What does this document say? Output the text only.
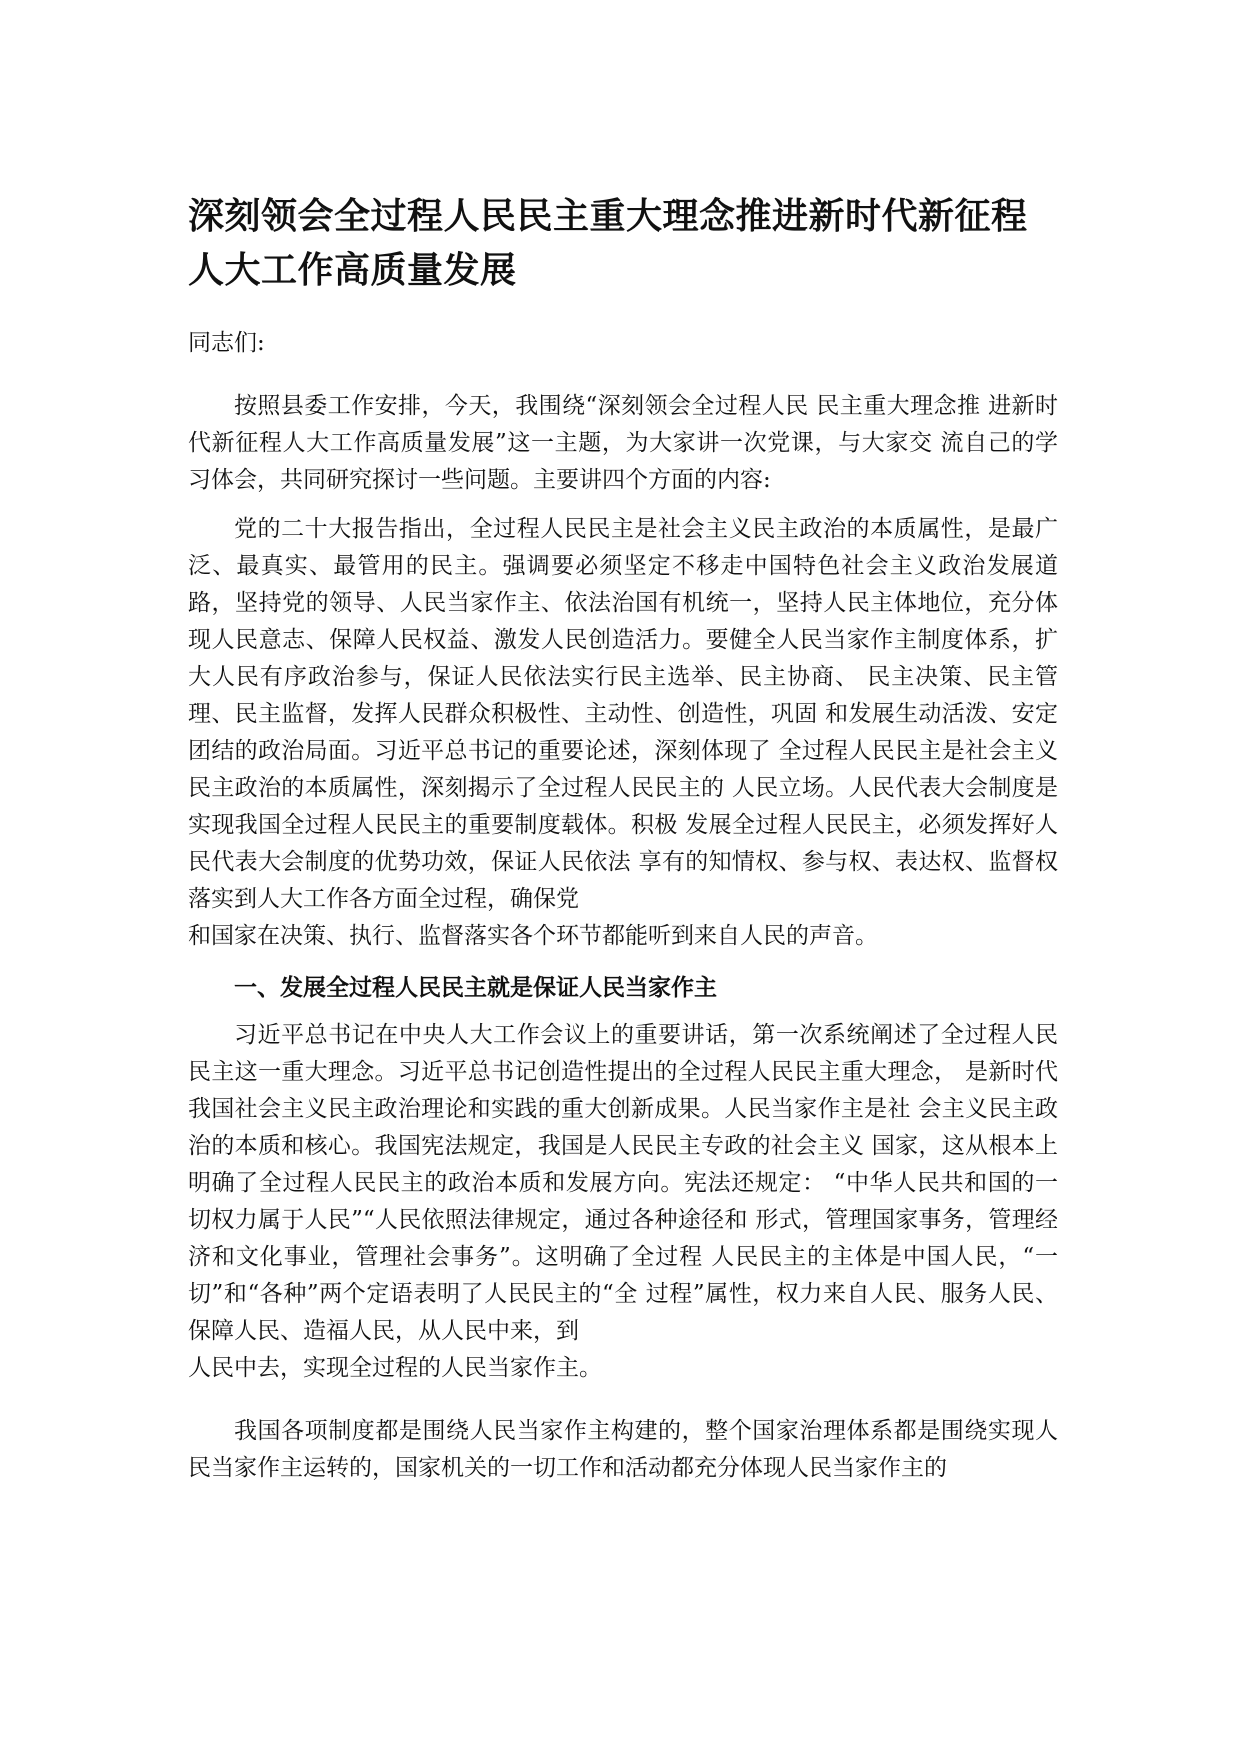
深刻领会全过程人民民主重大理念推进新时代新征程人大工作高质量发展

同志们:

按照县委工作安排，今天，我围绕“深刻领会全过程人民 民主重大理念推 进新时代新征程人大工作高质量发展”这一主题，为大家讲一次党课，与大家交 流自己的学习体会，共同研究探讨一些问题。主要讲四个方面的内容:

党的二十大报告指出，全过程人民民主是社会主义民主政治的本质属性，是最广泛、最真实、最管用的民主。强调要必须坚定不移走中国特色社会主义政治发展道路，坚持党的领导、人民当家作主、依法治国有机统一，坚持人民主体地位，充分体现人民意志、保障人民权益、激发人民创造活力。要健全人民当家作主制度体系，扩大人民有序政治参与，保证人民依法实行民主选举、民主协商、 民主决策、民主管理、民主监督，发挥人民群众积极性、主动性、创造性，巩固 和发展生动活泼、安定团结的政治局面。习近平总书记的重要论述，深刻体现了 全过程人民民主是社会主义民主政治的本质属性，深刻揭示了全过程人民民主的 人民立场。人民代表大会制度是实现我国全过程人民民主的重要制度载体。积极 发展全过程人民民主，必须发挥好人民代表大会制度的优势功效，保证人民依法 享有的知情权、参与权、表达权、监督权落实到人大工作各方面全过程，确保党

和国家在决策、执行、监督落实各个环节都能听到来自人民的声音。

一、发展全过程人民民主就是保证人民当家作主

习近平总书记在中央人大工作会议上的重要讲话，第一次系统阐述了全过程人民民主这一重大理念。习近平总书记创造性提出的全过程人民民主重大理念， 是新时代我国社会主义民主政治理论和实践的重大创新成果。人民当家作主是社 会主义民主政治的本质和核心。我国宪法规定，我国是人民民主专政的社会主义 国家，这从根本上明确了全过程人民民主的政治本质和发展方向。宪法还规定： “中华人民共和国的一切权力属于人民”“人民依照法律规定，通过各种途径和 形式，管理国家事务，管理经济和文化事业，管理社会事务”。这明确了全过程 人民民主的主体是中国人民，“一切”和“各种”两个定语表明了人民民主的“全 过程”属性，权力来自人民、服务人民、保障人民、造福人民，从人民中来，到

人民中去，实现全过程的人民当家作主。

我国各项制度都是围绕人民当家作主构建的，整个国家治理体系都是围绕实现人民当家作主运转的，国家机关的一切工作和活动都充分体现人民当家作主的
